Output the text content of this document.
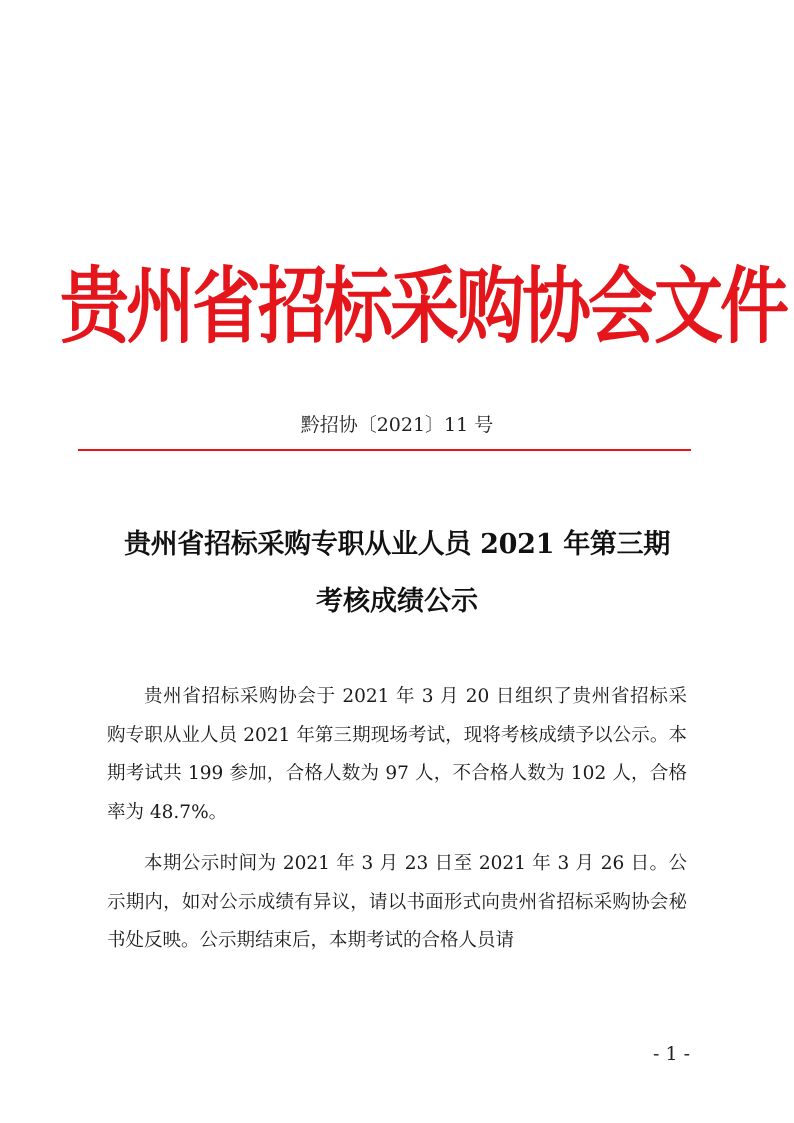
贵州省招标采购协会文件
黔招协〔2021〕11 号
贵州省招标采购专职从业人员 2021 年第三期
考核成绩公示

贵州省招标采购协会于 2021 年 3 月 20 日组织了贵州省招标采购专职从业人员 2021 年第三期现场考试，现将考核成绩予以公示。本期考试共 199 参加，合格人数为 97 人，不合格人数为 102 人，合格率为 48.7%。

本期公示时间为 2021 年 3 月 23 日至 2021 年 3 月 26 日。公示期内，如对公示成绩有异议，请以书面形式向贵州省招标采购协会秘书处反映。公示期结束后，本期考试的合格人员请

- 1 -
